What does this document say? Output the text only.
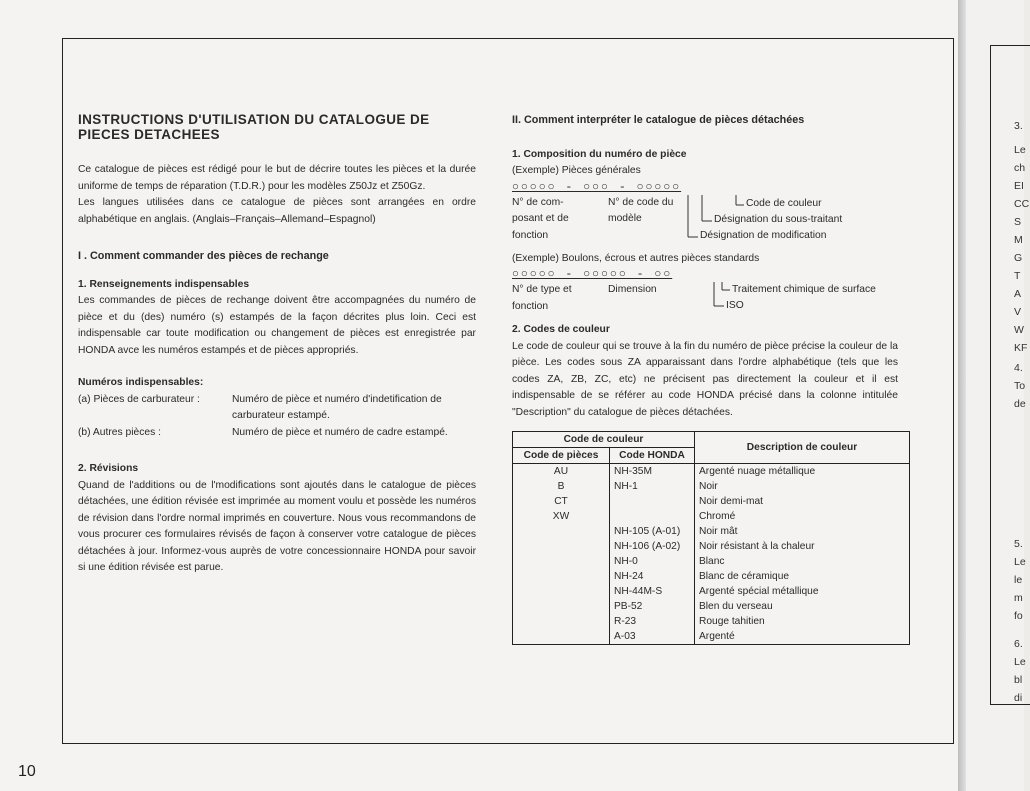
INSTRUCTIONS D'UTILISATION DU CATALOGUE DE PIECES DETACHEES

Ce catalogue de pièces est rédigé pour le but de décrire toutes les pièces et la durée uniforme de temps de réparation (T.D.R.) pour les modèles Z50Jz et Z50Gz.

Les langues utilisées dans ce catalogue de pièces sont arrangées en ordre alphabétique en anglais. (Anglais–Français–Allemand–Espagnol)

I . Comment commander des pièces de rechange
1. Renseignements indispensables

Les commandes de pièces de rechange doivent être accompagnées du numéro de pièce et du (des) numéro (s) estampés de la façon décrites plus loin. Ceci est indispensable car toute modification ou changement de pièces est enregistrée par HONDA avce les numéros estampés et de pièces appropriés.

Numéros indispensables:
(a) Pièces de carburateur :	Numéro de pièce et numéro d'indetification de carburateur estampé.
(b) Autres pièces :	Numéro de pièce et numéro de cadre estampé.
2. Révisions

Quand de l'additions ou de l'modifications sont ajoutés dans le catalogue de pièces détachées, une édition révisée est imprimée au moment voulu et possède les numéros de révision dans l'ordre normal imprimés en couverture. Nous vous recommandons de vous procurer ces formulaires révisés de façon à conserver votre catalogue de pièces détachées à jour. Informez-vous auprès de votre concessionnaire HONDA pour savoir si une édition révisée est parue.

II. Comment interpréter le catalogue de pièces détachées
1. Composition du numéro de pièce
(Exemple) Pièces générales
○○○○○ - ○○○ - ○○○○○
N° de com- posant et de fonction
N° de code du modèle
Code de couleur
Désignation du sous-traitant
Désignation de modification
(Exemple) Boulons, écrous et autres pièces standards
○○○○○ - ○○○○○ - ○○
N° de type et fonction
Dimension	Traitement chimique de surface
ISO
2. Codes de couleur

Le code de couleur qui se trouve à la fin du numéro de pièce précise la couleur de la pièce. Les codes sous ZA apparaissant dans l'ordre alphabétique (tels que les codes ZA, ZB, ZC, etc) ne précisent pas directement la couleur et il est indispensable de se référer au code HONDA précisé dans la colonne intitulée "Description" du catalogue de pièces détachées.

Code de couleur		Description de couleur
Code de pièces	Code HONDA	
AU	NH-35M	Argenté nuage métallique
B	NH-1	Noir
CT		Noir demi-mat
XW		Chromé
	NH-105 (A-01)	Noir mât
	NH-106 (A-02)	Noir résistant à la chaleur
	NH-0	Blanc
	NH-24	Blanc de céramique
	NH-44M-S	Argenté spécial métallique
	PB-52	Blen du verseau
	R-23	Rouge tahitien
	A-03	Argenté
10
3.
Le
ch
EI
CC
S
M
G
T
A
V
W
KF
4.
To
de
5.
Le
le
m
fo
6.
Le
bl
di
